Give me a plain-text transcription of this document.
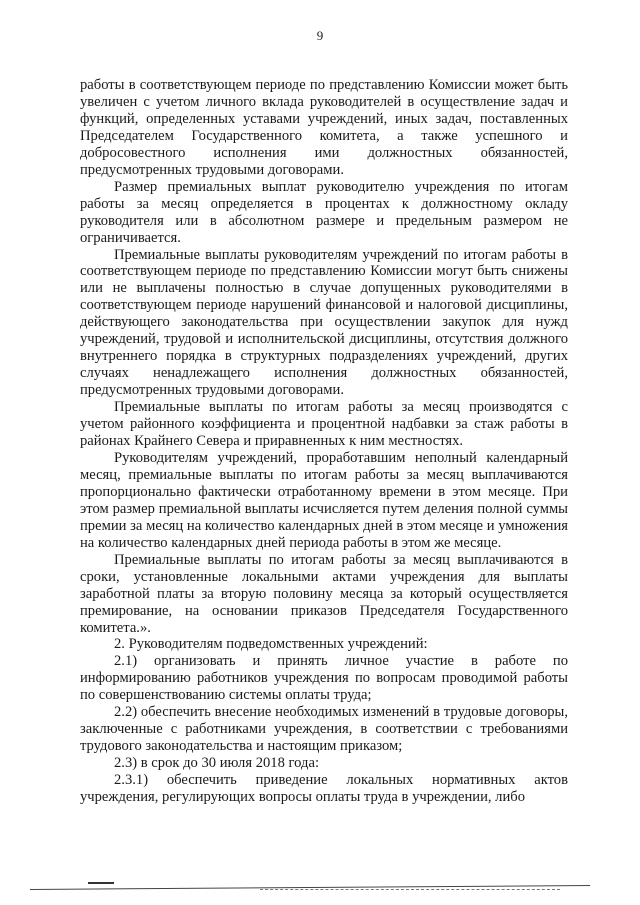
9

работы в соответствующем периоде по представлению Комиссии может быть увеличен с учетом личного вклада руководителей в осуществление задач и функций, определенных уставами учреждений, иных задач, поставленных Председателем Государственного комитета, а также успешного и добросовестного исполнения ими должностных обязанностей, предусмотренных трудовыми договорами.

Размер премиальных выплат руководителю учреждения по итогам работы за месяц определяется в процентах к должностному окладу руководителя или в абсолютном размере и предельным размером не ограничивается.

Премиальные выплаты руководителям учреждений по итогам работы в соответствующем периоде по представлению Комиссии могут быть снижены или не выплачены полностью в случае допущенных руководителями в соответствующем периоде нарушений финансовой и налоговой дисциплины, действующего законодательства при осуществлении закупок для нужд учреждений, трудовой и исполнительской дисциплины, отсутствия должного внутреннего порядка в структурных подразделениях учреждений, других случаях ненадлежащего исполнения должностных обязанностей, предусмотренных трудовыми договорами.

Премиальные выплаты по итогам работы за месяц производятся с учетом районного коэффициента и процентной надбавки за стаж работы в районах Крайнего Севера и приравненных к ним местностях.

Руководителям учреждений, проработавшим неполный календарный месяц, премиальные выплаты по итогам работы за месяц выплачиваются пропорционально фактически отработанному времени в этом месяце. При этом размер премиальной выплаты исчисляется путем деления полной суммы премии за месяц на количество календарных дней в этом месяце и умножения на количество календарных дней периода работы в этом же месяце.

Премиальные выплаты по итогам работы за месяц выплачиваются в сроки, установленные локальными актами учреждения для выплаты заработной платы за вторую половину месяца за который осуществляется премирование, на основании приказов Председателя Государственного комитета.».

2. Руководителям подведомственных учреждений:

2.1) организовать и принять личное участие в работе по информированию работников учреждения по вопросам проводимой работы по совершенствованию системы оплаты труда;

2.2) обеспечить внесение необходимых изменений в трудовые договоры, заключенные с работниками учреждения, в соответствии с требованиями трудового законодательства и настоящим приказом;

2.3) в срок до 30 июля 2018 года:

2.3.1) обеспечить приведение локальных нормативных актов учреждения, регулирующих вопросы оплаты труда в учреждении, либо
